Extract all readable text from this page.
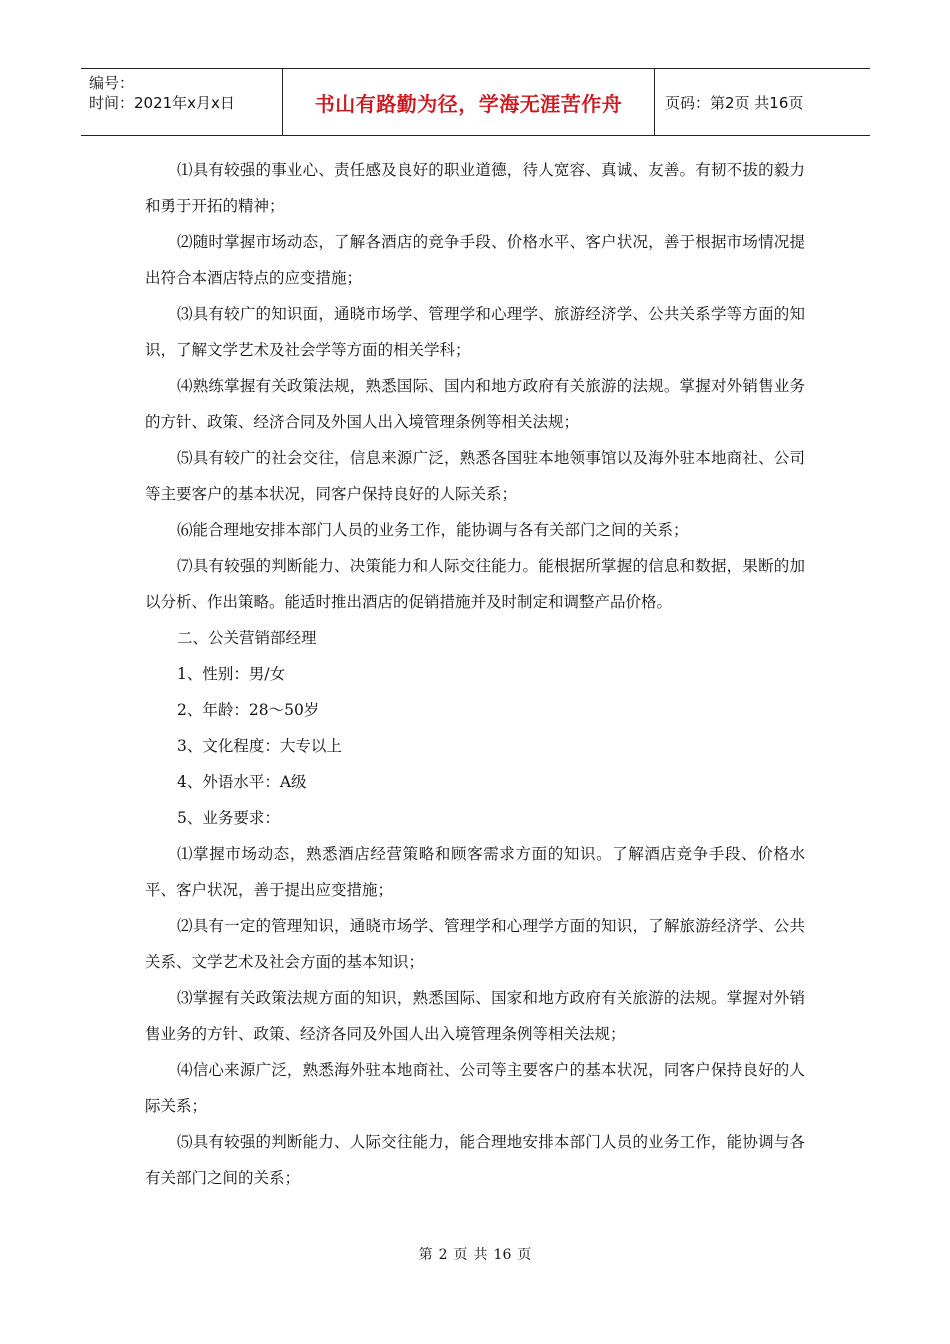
编号：
时间：2021年x月x日	书山有路勤为径，学海无涯苦作舟	页码：第2页 共16页

⑴具有较强的事业心、责任感及良好的职业道德，待人宽容、真诚、友善。有韧不拔的毅力和勇于开拓的精神；

⑵随时掌握市场动态，了解各酒店的竞争手段、价格水平、客户状况，善于根据市场情况提出符合本酒店特点的应变措施；

⑶具有较广的知识面，通晓市场学、管理学和心理学、旅游经济学、公共关系学等方面的知识，了解文学艺术及社会学等方面的相关学科；

⑷熟练掌握有关政策法规，熟悉国际、国内和地方政府有关旅游的法规。掌握对外销售业务的方针、政策、经济合同及外国人出入境管理条例等相关法规；

⑸具有较广的社会交往，信息来源广泛，熟悉各国驻本地领事馆以及海外驻本地商社、公司等主要客户的基本状况，同客户保持良好的人际关系；

⑹能合理地安排本部门人员的业务工作，能协调与各有关部门之间的关系；

⑺具有较强的判断能力、决策能力和人际交往能力。能根据所掌握的信息和数据，果断的加以分析、作出策略。能适时推出酒店的促销措施并及时制定和调整产品价格。

二、公关营销部经理

1、性别：男/女

2、年龄：28～50岁

3、文化程度：大专以上

4、外语水平：A级

5、业务要求：

⑴掌握市场动态，熟悉酒店经营策略和顾客需求方面的知识。了解酒店竞争手段、价格水平、客户状况，善于提出应变措施；

⑵具有一定的管理知识，通晓市场学、管理学和心理学方面的知识，了解旅游经济学、公共关系、文学艺术及社会方面的基本知识；

⑶掌握有关政策法规方面的知识，熟悉国际、国家和地方政府有关旅游的法规。掌握对外销售业务的方针、政策、经济各同及外国人出入境管理条例等相关法规；

⑷信心来源广泛，熟悉海外驻本地商社、公司等主要客户的基本状况，同客户保持良好的人际关系；

⑸具有较强的判断能力、人际交往能力，能合理地安排本部门人员的业务工作，能协调与各有关部门之间的关系；

第 2 页 共 16 页
